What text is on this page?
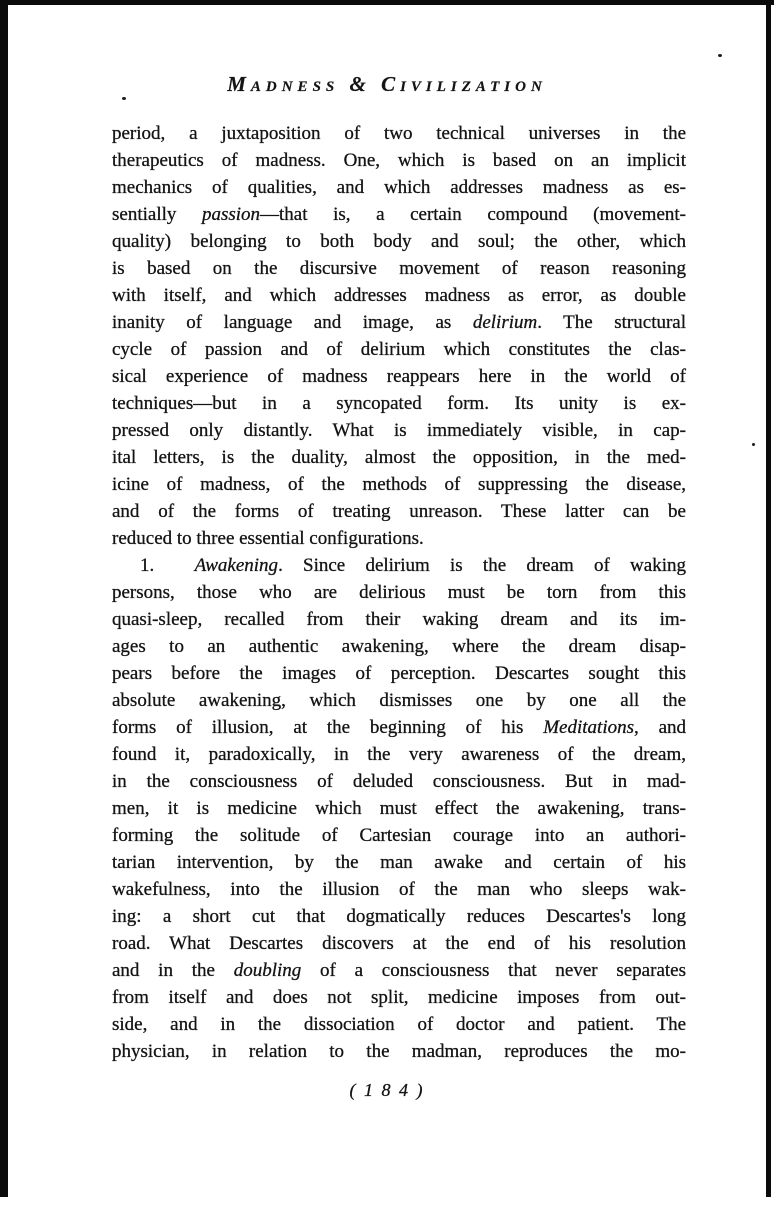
Madness & Civilization
period, a juxtaposition of two technical universes in the
therapeutics of madness. One, which is based on an implicit
mechanics of qualities, and which addresses madness as es-
sentially passion—that is, a certain compound (movement-
quality) belonging to both body and soul; the other, which
is based on the discursive movement of reason reasoning
with itself, and which addresses madness as error, as double
inanity of language and image, as delirium. The structural
cycle of passion and of delirium which constitutes the clas-
sical experience of madness reappears here in the world of
techniques—but in a syncopated form. Its unity is ex-
pressed only distantly. What is immediately visible, in cap-
ital letters, is the duality, almost the opposition, in the med-
icine of madness, of the methods of suppressing the disease,
and of the forms of treating unreason. These latter can be
reduced to three essential configurations.
1.  Awakening. Since delirium is the dream of waking
persons, those who are delirious must be torn from this
quasi-sleep, recalled from their waking dream and its im-
ages to an authentic awakening, where the dream disap-
pears before the images of perception. Descartes sought this
absolute awakening, which dismisses one by one all the
forms of illusion, at the beginning of his Meditations, and
found it, paradoxically, in the very awareness of the dream,
in the consciousness of deluded consciousness. But in mad-
men, it is medicine which must effect the awakening, trans-
forming the solitude of Cartesian courage into an authori-
tarian intervention, by the man awake and certain of his
wakefulness, into the illusion of the man who sleeps wak-
ing: a short cut that dogmatically reduces Descartes's long
road. What Descartes discovers at the end of his resolution
and in the doubling of a consciousness that never separates
from itself and does not split, medicine imposes from out-
side, and in the dissociation of doctor and patient. The
physician, in relation to the madman, reproduces the mo-
( 1 8 4 )
